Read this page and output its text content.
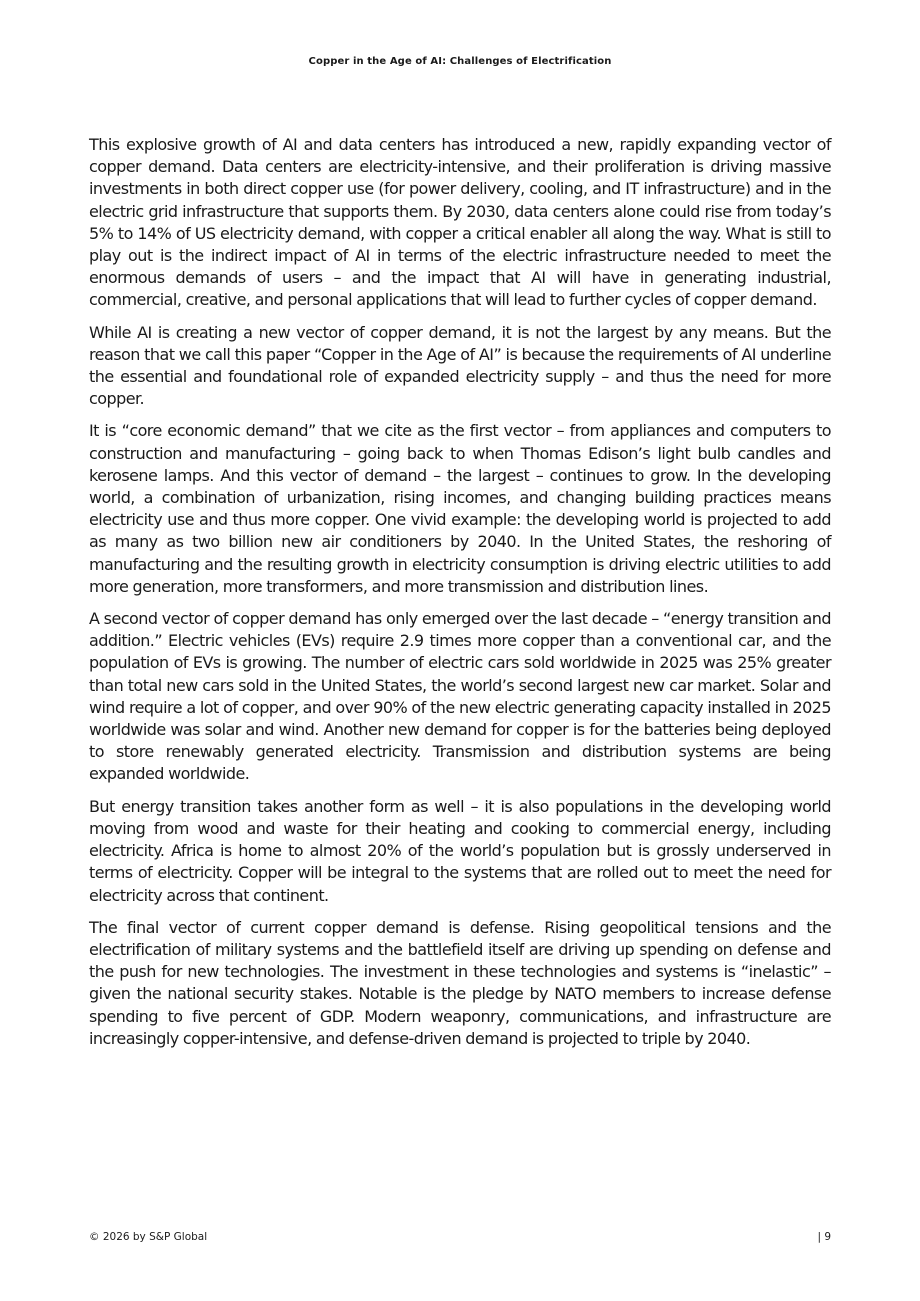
Copper in the Age of AI: Challenges of Electrification

This explosive growth of AI and data centers has introduced a new, rapidly expanding vector of copper demand. Data centers are electricity-intensive, and their proliferation is driving massive investments in both direct copper use (for power delivery, cooling, and IT infrastructure) and in the electric grid infrastructure that supports them. By 2030, data centers alone could rise from today’s 5% to 14% of US electricity demand, with copper a critical enabler all along the way. What is still to play out is the indirect impact of AI in terms of the electric infrastructure needed to meet the enormous demands of users – and the impact that AI will have in generating industrial, commercial, creative, and personal applications that will lead to further cycles of copper demand.

While AI is creating a new vector of copper demand, it is not the largest by any means. But the reason that we call this paper “Copper in the Age of AI” is because the requirements of AI underline the essential and foundational role of expanded electricity supply – and thus the need for more copper.

It is “core economic demand” that we cite as the first vector – from appliances and computers to construction and manufacturing – going back to when Thomas Edison’s light bulb candles and kerosene lamps. And this vector of demand – the largest – continues to grow. In the developing world, a combination of urbanization, rising incomes, and changing building practices means electricity use and thus more copper. One vivid example: the developing world is projected to add as many as two billion new air conditioners by 2040. In the United States, the reshoring of manufacturing and the resulting growth in electricity consumption is driving electric utilities to add more generation, more transformers, and more transmission and distribution lines.

A second vector of copper demand has only emerged over the last decade – “energy transition and addition.” Electric vehicles (EVs) require 2.9 times more copper than a conventional car, and the population of EVs is growing. The number of electric cars sold worldwide in 2025 was 25% greater than total new cars sold in the United States, the world’s second largest new car market. Solar and wind require a lot of copper, and over 90% of the new electric generating capacity installed in 2025 worldwide was solar and wind. Another new demand for copper is for the batteries being deployed to store renewably generated electricity. Transmission and distribution systems are being expanded worldwide.

But energy transition takes another form as well – it is also populations in the developing world moving from wood and waste for their heating and cooking to commercial energy, including electricity. Africa is home to almost 20% of the world’s population but is grossly underserved in terms of electricity. Copper will be integral to the systems that are rolled out to meet the need for electricity across that continent.

The final vector of current copper demand is defense. Rising geopolitical tensions and the electrification of military systems and the battlefield itself are driving up spending on defense and the push for new technologies. The investment in these technologies and systems is “inelastic” – given the national security stakes. Notable is the pledge by NATO members to increase defense spending to five percent of GDP. Modern weaponry, communications, and infrastructure are increasingly copper-intensive, and defense-driven demand is projected to triple by 2040.

© 2026 by S&P Global	| 9
